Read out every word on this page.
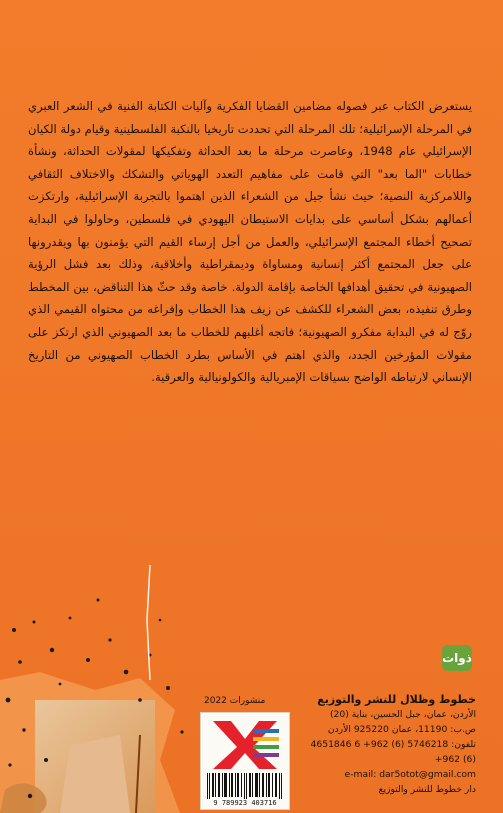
يستعرض الكتاب عبر فصوله مضامين القضايا الفكرية وآليات الكتابة الفنية في الشعر العبري في المرحلة الإسرائيلية؛ تلك المرحلة التي تحددت تاريخيا بالنكبة الفلسطينية وقيام دولة الكيان الإسرائيلي عام 1948، وعاصرت مرحلة ما بعد الحداثة وتفكيكها لمقولات الحداثة، ونشأة خطابات "الما بعد" التي قامت على مفاهيم التعدد الهوياتي والتشكك والاختلاف الثقافي واللامركزية النصية؛ حيث نشأ جيل من الشعراء الذين اهتموا بالتجربة الإسرائيلية، وارتكزت أعمالهم بشكل أساسي على بدايات الاستيطان اليهودي في فلسطين، وحاولوا في البداية تصحيح أخطاء المجتمع الإسرائيلي، والعمل من أجل إرساء القيم التي يؤمنون بها ويقدرونها على جعل المجتمع أكثر إنسانية ومساواة وديمقراطية وأخلاقية، وذلك بعد فشل الرؤية الصهيونية في تحقيق أهدافها الخاصة بإقامة الدولة. خاصة وقد حثّ هذا التناقض، بين المخطط وطرق تنفيذه، بعض الشعراء للكشف عن زيف هذا الخطاب وإفراغه من محتواه القيمي الذي روّج له في البداية مفكرو الصهيونية؛ فاتجه أغلبهم للخطاب ما بعد الصهيوني الذي ارتكز على مقولات المؤرخين الجدد، والذي اهتم في الأساس بطرد الخطاب الصهيوني من التاريخ الإنساني لارتباطه الواضح بسياقات الإمبريالية والكولونيالية والعرقية.

ذوات
منشورات 2022
9 789923 403716
خطوط وظلال للنشر والتوزيع
الأردن، عمان، جبل الحسين، بناية (20)
ص.ب: 11190، عمان 925220 الأردن
تلفون: 5746218 (6) 962+ 6 4651846 (6) 962+
e-mail: dar5otot@gmail.com
دار خطوط للنشر والتوزيع
